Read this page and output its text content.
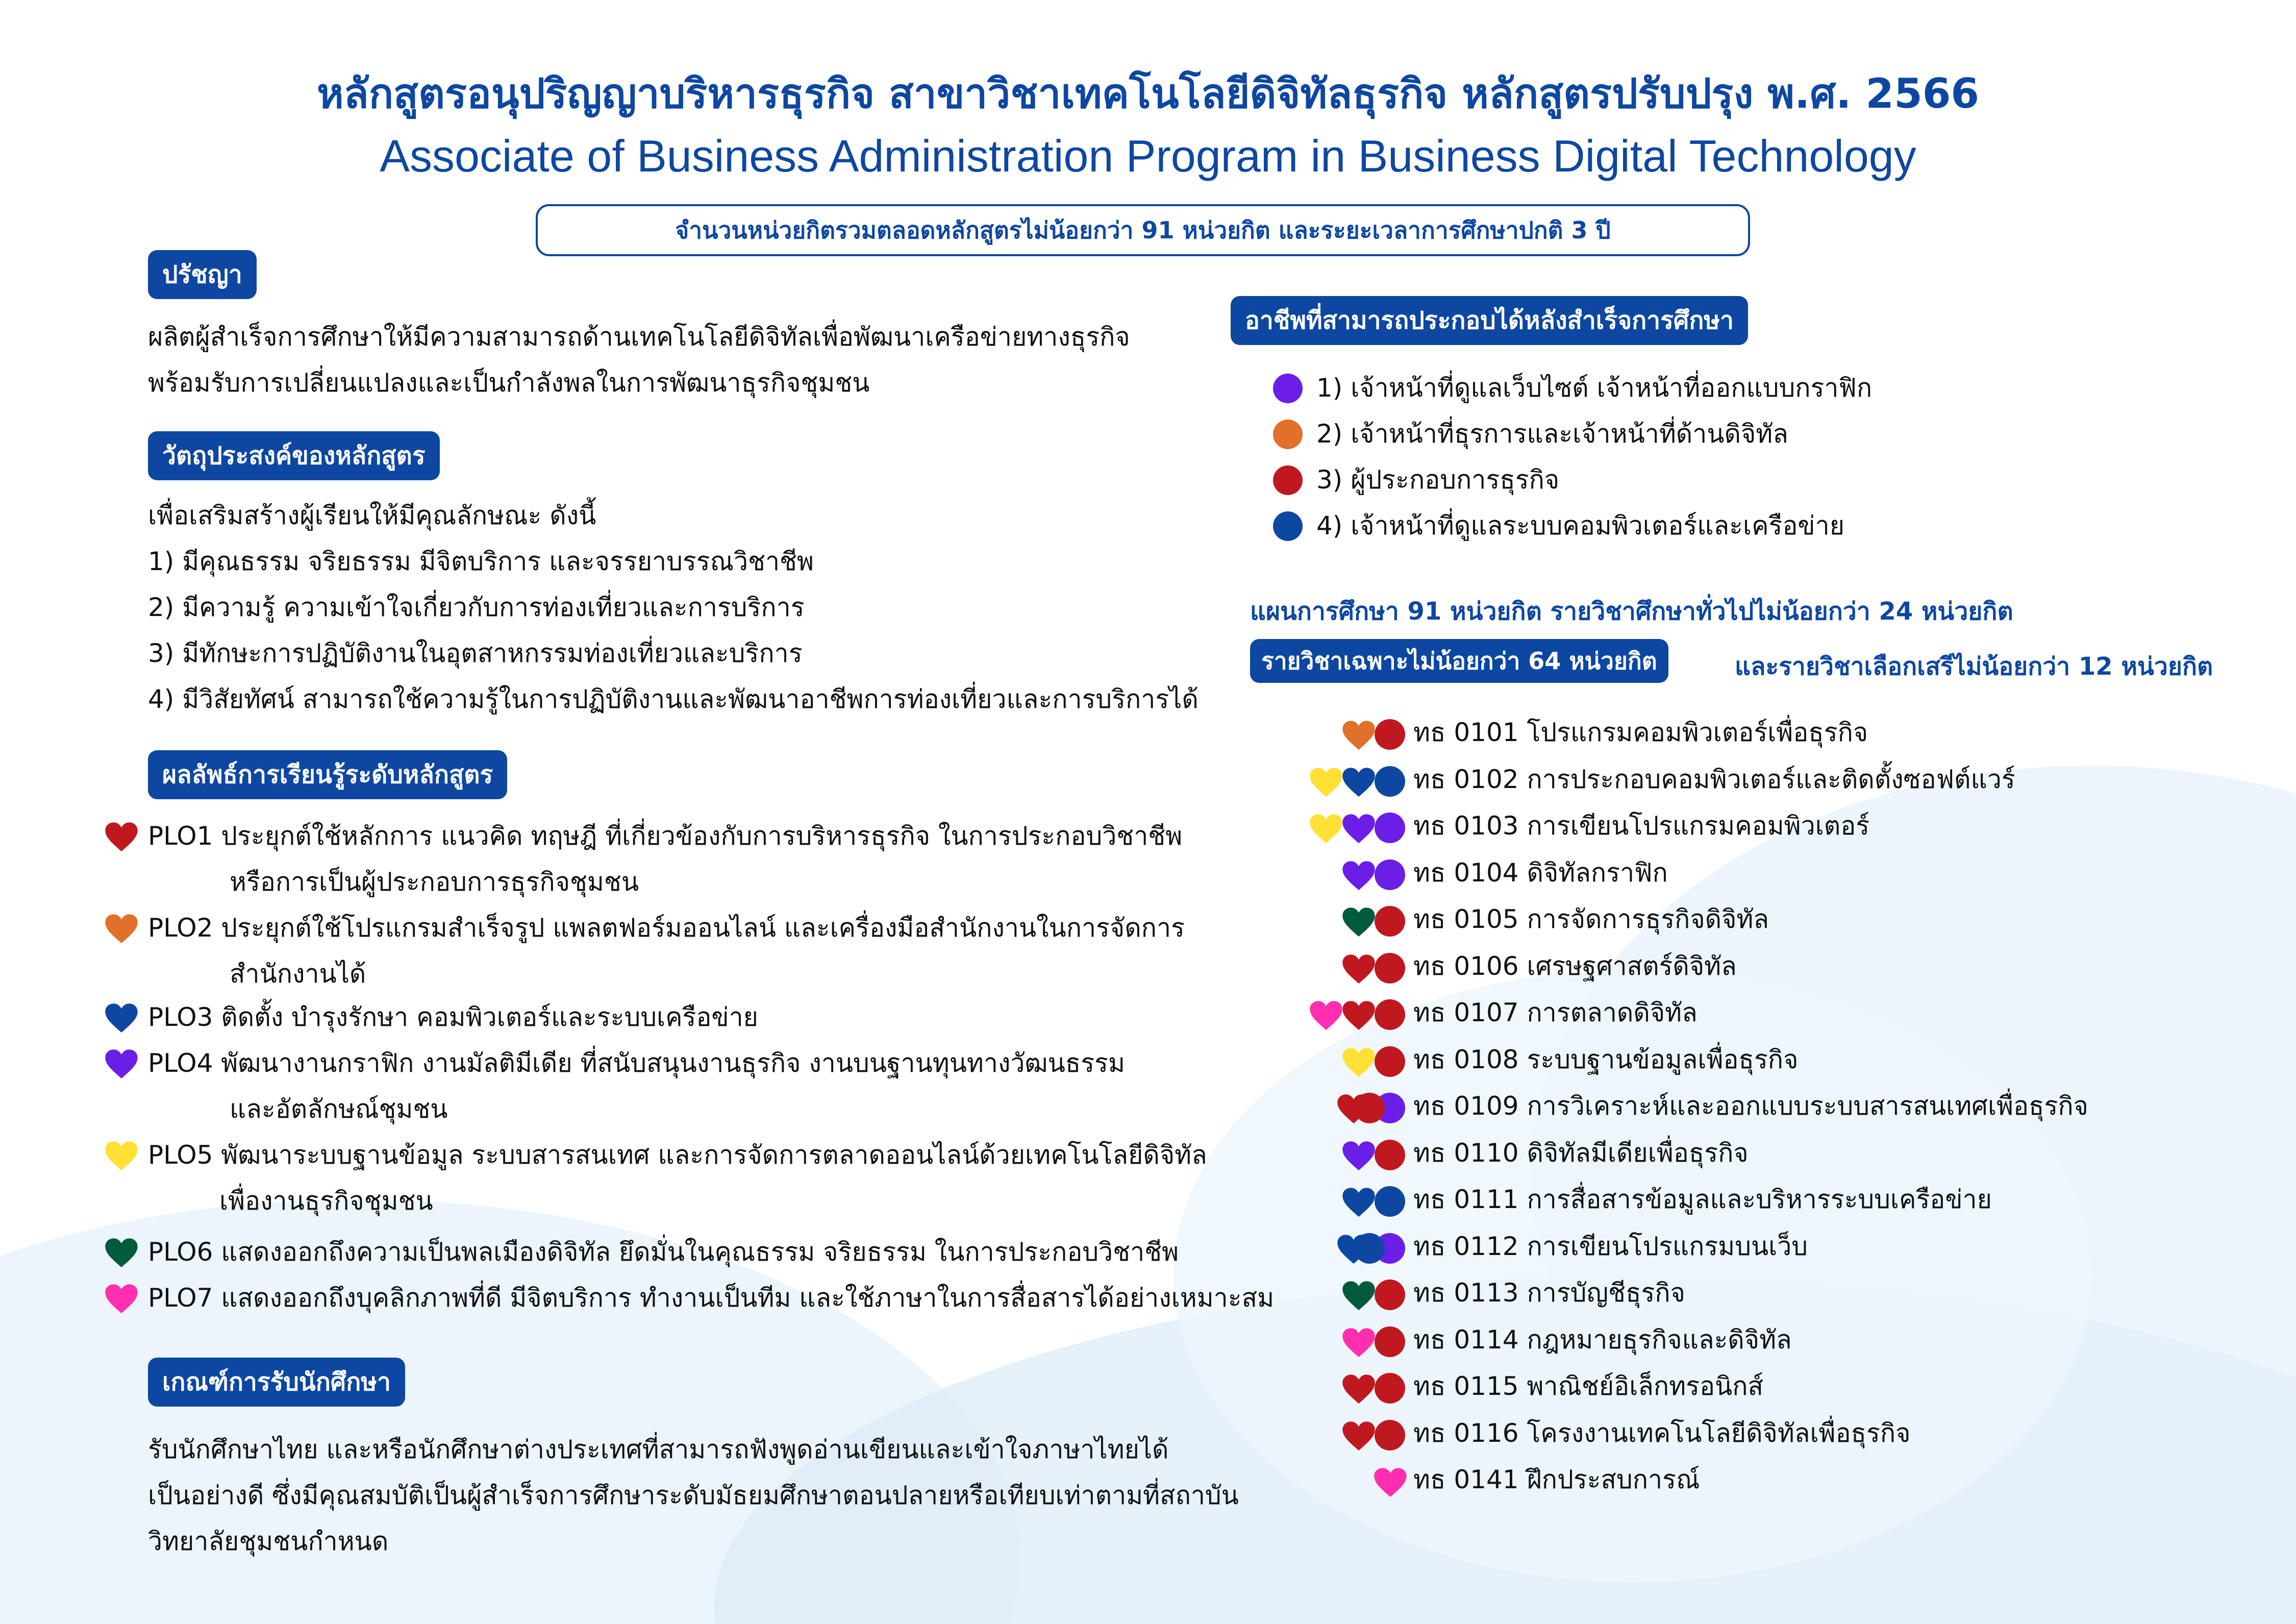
หลักสูตรอนุปริญญาบริหารธุรกิจ สาขาวิชาเทคโนโลยีดิจิทัลธุรกิจ หลักสูตรปรับปรุง พ.ศ. 2566
Associate of Business Administration Program in Business Digital Technology
จำนวนหน่วยกิตรวมตลอดหลักสูตรไม่น้อยกว่า 91 หน่วยกิต และระยะเวลาการศึกษาปกติ 3 ปี
ปรัชญา
ผลิตผู้สำเร็จการศึกษาให้มีความสามารถด้านเทคโนโลยีดิจิทัลเพื่อพัฒนาเครือข่ายทางธุรกิจ
พร้อมรับการเปลี่ยนแปลงและเป็นกำลังพลในการพัฒนาธุรกิจชุมชน
วัตถุประสงค์ของหลักสูตร
เพื่อเสริมสร้างผู้เรียนให้มีคุณลักษณะ ดังนี้
1) มีคุณธรรม จริยธรรม มีจิตบริการ และจรรยาบรรณวิชาชีพ
2) มีความรู้ ความเข้าใจเกี่ยวกับการท่องเที่ยวและการบริการ
3) มีทักษะการปฏิบัติงานในอุตสาหกรรมท่องเที่ยวและบริการ
4) มีวิสัยทัศน์ สามารถใช้ความรู้ในการปฏิบัติงานและพัฒนาอาชีพการท่องเที่ยวและการบริการได้
ผลลัพธ์การเรียนรู้ระดับหลักสูตร
เกณฑ์การรับนักศึกษา
รับนักศึกษาไทย และหรือนักศึกษาต่างประเทศที่สามารถฟังพูดอ่านเขียนและเข้าใจภาษาไทยได้
เป็นอย่างดี ซึ่งมีคุณสมบัติเป็นผู้สำเร็จการศึกษาระดับมัธยมศึกษาตอนปลายหรือเทียบเท่าตามที่สถาบัน
วิทยาลัยชุมชนกำหนด
อาชีพที่สามารถประกอบได้หลังสำเร็จการศึกษา
แผนการศึกษา 91 หน่วยกิต รายวิชาศึกษาทั่วไปไม่น้อยกว่า 24 หน่วยกิต
รายวิชาเฉพาะไม่น้อยกว่า 64 หน่วยกิต	และรายวิชาเลือกเสรีไม่น้อยกว่า 12 หน่วยกิต
PLO1 ประยุกต์ใช้หลักการ แนวคิด ทฤษฎี ที่เกี่ยวข้องกับการบริหารธุรกิจ ในการประกอบวิชาชีพ
หรือการเป็นผู้ประกอบการธุรกิจชุมชน
PLO2 ประยุกต์ใช้โปรแกรมสำเร็จรูป แพลตฟอร์มออนไลน์ และเครื่องมือสำนักงานในการจัดการ
สำนักงานได้
PLO3 ติดตั้ง บำรุงรักษา คอมพิวเตอร์และระบบเครือข่าย
PLO4 พัฒนางานกราฟิก งานมัลติมีเดีย ที่สนับสนุนงานธุรกิจ งานบนฐานทุนทางวัฒนธรรม
และอัตลักษณ์ชุมชน
PLO5 พัฒนาระบบฐานข้อมูล ระบบสารสนเทศ และการจัดการตลาดออนไลน์ด้วยเทคโนโลยีดิจิทัล
เพื่องานธุรกิจชุมชน
PLO6 แสดงออกถึงความเป็นพลเมืองดิจิทัล ยึดมั่นในคุณธรรม จริยธรรม ในการประกอบวิชาชีพ
PLO7 แสดงออกถึงบุคลิกภาพที่ดี มีจิตบริการ ทำงานเป็นทีม และใช้ภาษาในการสื่อสารได้อย่างเหมาะสม
1) เจ้าหน้าที่ดูแลเว็บไซต์ เจ้าหน้าที่ออกแบบกราฟิก
2) เจ้าหน้าที่ธุรการและเจ้าหน้าที่ด้านดิจิทัล
3) ผู้ประกอบการธุรกิจ
4) เจ้าหน้าที่ดูแลระบบคอมพิวเตอร์และเครือข่าย
ทธ 0101 โปรแกรมคอมพิวเตอร์เพื่อธุรกิจ
ทธ 0102 การประกอบคอมพิวเตอร์และติดตั้งซอฟต์แวร์
ทธ 0103 การเขียนโปรแกรมคอมพิวเตอร์
ทธ 0104 ดิจิทัลกราฟิก
ทธ 0105 การจัดการธุรกิจดิจิทัล
ทธ 0106 เศรษฐศาสตร์ดิจิทัล
ทธ 0107 การตลาดดิจิทัล
ทธ 0108 ระบบฐานข้อมูลเพื่อธุรกิจ
ทธ 0109 การวิเคราะห์และออกแบบระบบสารสนเทศเพื่อธุรกิจ
ทธ 0110 ดิจิทัลมีเดียเพื่อธุรกิจ
ทธ 0111 การสื่อสารข้อมูลและบริหารระบบเครือข่าย
ทธ 0112 การเขียนโปรแกรมบนเว็บ
ทธ 0113 การบัญชีธุรกิจ
ทธ 0114 กฎหมายธุรกิจและดิจิทัล
ทธ 0115 พาณิชย์อิเล็กทรอนิกส์
ทธ 0116 โครงงานเทคโนโลยีดิจิทัลเพื่อธุรกิจ
ทธ 0141 ฝึกประสบการณ์
